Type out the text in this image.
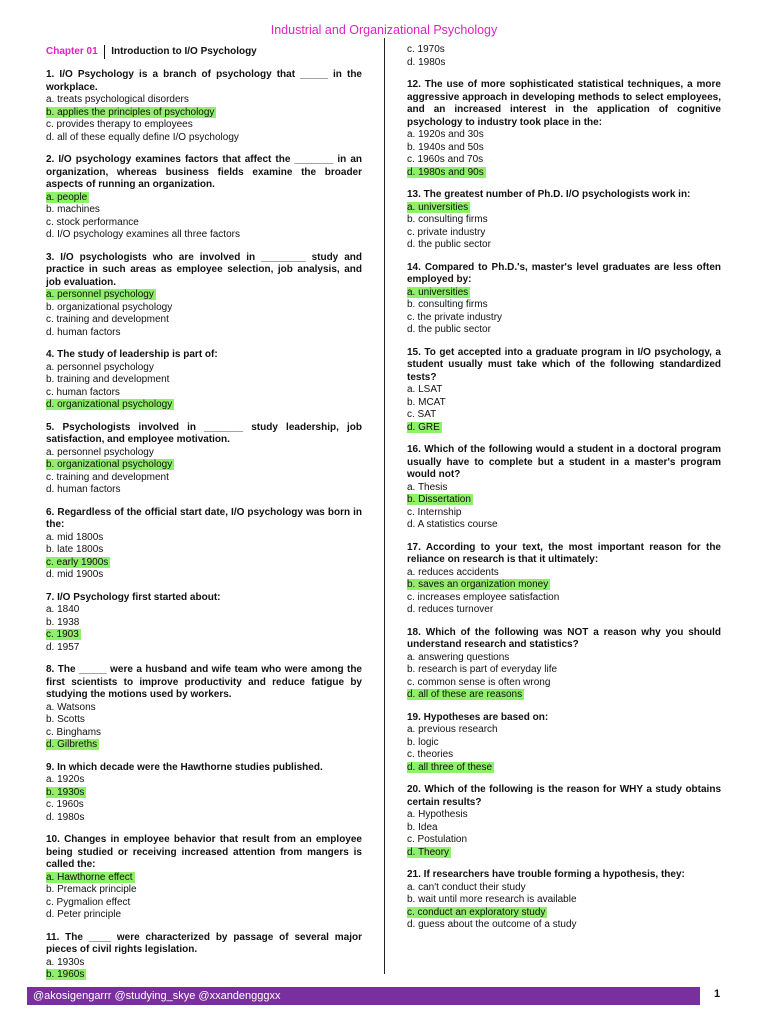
Industrial and Organizational Psychology
Chapter 01 Introduction to I/O Psychology
1. I/O Psychology is a branch of psychology that _____ in the workplace.
a. treats psychological disorders
b. applies the principles of psychology
c. provides therapy to employees
d. all of these equally define I/O psychology
2. I/O psychology examines factors that affect the _______ in an organization, whereas business fields examine the broader aspects of running an organization.
a. people
b. machines
c. stock performance
d. I/O psychology examines all three factors
3. I/O psychologists who are involved in ________ study and practice in such areas as employee selection, job analysis, and job evaluation.
a. personnel psychology
b. organizational psychology
c. training and development
d. human factors
4. The study of leadership is part of:
a. personnel psychology
b. training and development
c. human factors
d. organizational psychology
5. Psychologists involved in _______ study leadership, job satisfaction, and employee motivation.
a. personnel psychology
b. organizational psychology
c. training and development
d. human factors
6. Regardless of the official start date, I/O psychology was born in the:
a. mid 1800s
b. late 1800s
c. early 1900s
d. mid 1900s
7. I/O Psychology first started about:
a. 1840
b. 1938
c. 1903
d. 1957
8. The _____ were a husband and wife team who were among the first scientists to improve productivity and reduce fatigue by studying the motions used by workers.
a. Watsons
b. Scotts
c. Binghams
d. Gilbreths
9. In which decade were the Hawthorne studies published.
a. 1920s
b. 1930s
c. 1960s
d. 1980s
10. Changes in employee behavior that result from an employee being studied or receiving increased attention from mangers is called the:
a. Hawthorne effect
b. Premack principle
c. Pygmalion effect
d. Peter principle
11. The ____ were characterized by passage of several major pieces of civil rights legislation.
a. 1930s
b. 1960s
c. 1970s
d. 1980s
12. The use of more sophisticated statistical techniques, a more aggressive approach in developing methods to select employees, and an increased interest in the application of cognitive psychology to industry took place in the:
a. 1920s and 30s
b. 1940s and 50s
c. 1960s and 70s
d. 1980s and 90s
13. The greatest number of Ph.D. I/O psychologists work in:
a. universities
b. consulting firms
c. private industry
d. the public sector
14. Compared to Ph.D.'s, master's level graduates are less often employed by:
a. universities
b. consulting firms
c. the private industry
d. the public sector
15. To get accepted into a graduate program in I/O psychology, a student usually must take which of the following standardized tests?
a. LSAT
b. MCAT
c. SAT
d. GRE
16. Which of the following would a student in a doctoral program usually have to complete but a student in a master's program would not?
a. Thesis
b. Dissertation
c. Internship
d. A statistics course
17. According to your text, the most important reason for the reliance on research is that it ultimately:
a. reduces accidents
b. saves an organization money
c. increases employee satisfaction
d. reduces turnover
18. Which of the following was NOT a reason why you should understand research and statistics?
a. answering questions
b. research is part of everyday life
c. common sense is often wrong
d. all of these are reasons
19. Hypotheses are based on:
a. previous research
b. logic
c. theories
d. all three of these
20. Which of the following is the reason for WHY a study obtains certain results?
a. Hypothesis
b. Idea
c. Postulation
d. Theory
21. If researchers have trouble forming a hypothesis, they:
a. can't conduct their study
b. wait until more research is available
c. conduct an exploratory study
d. guess about the outcome of a study
@akosigengarrr @studying_skye @xxandengggxx	1
